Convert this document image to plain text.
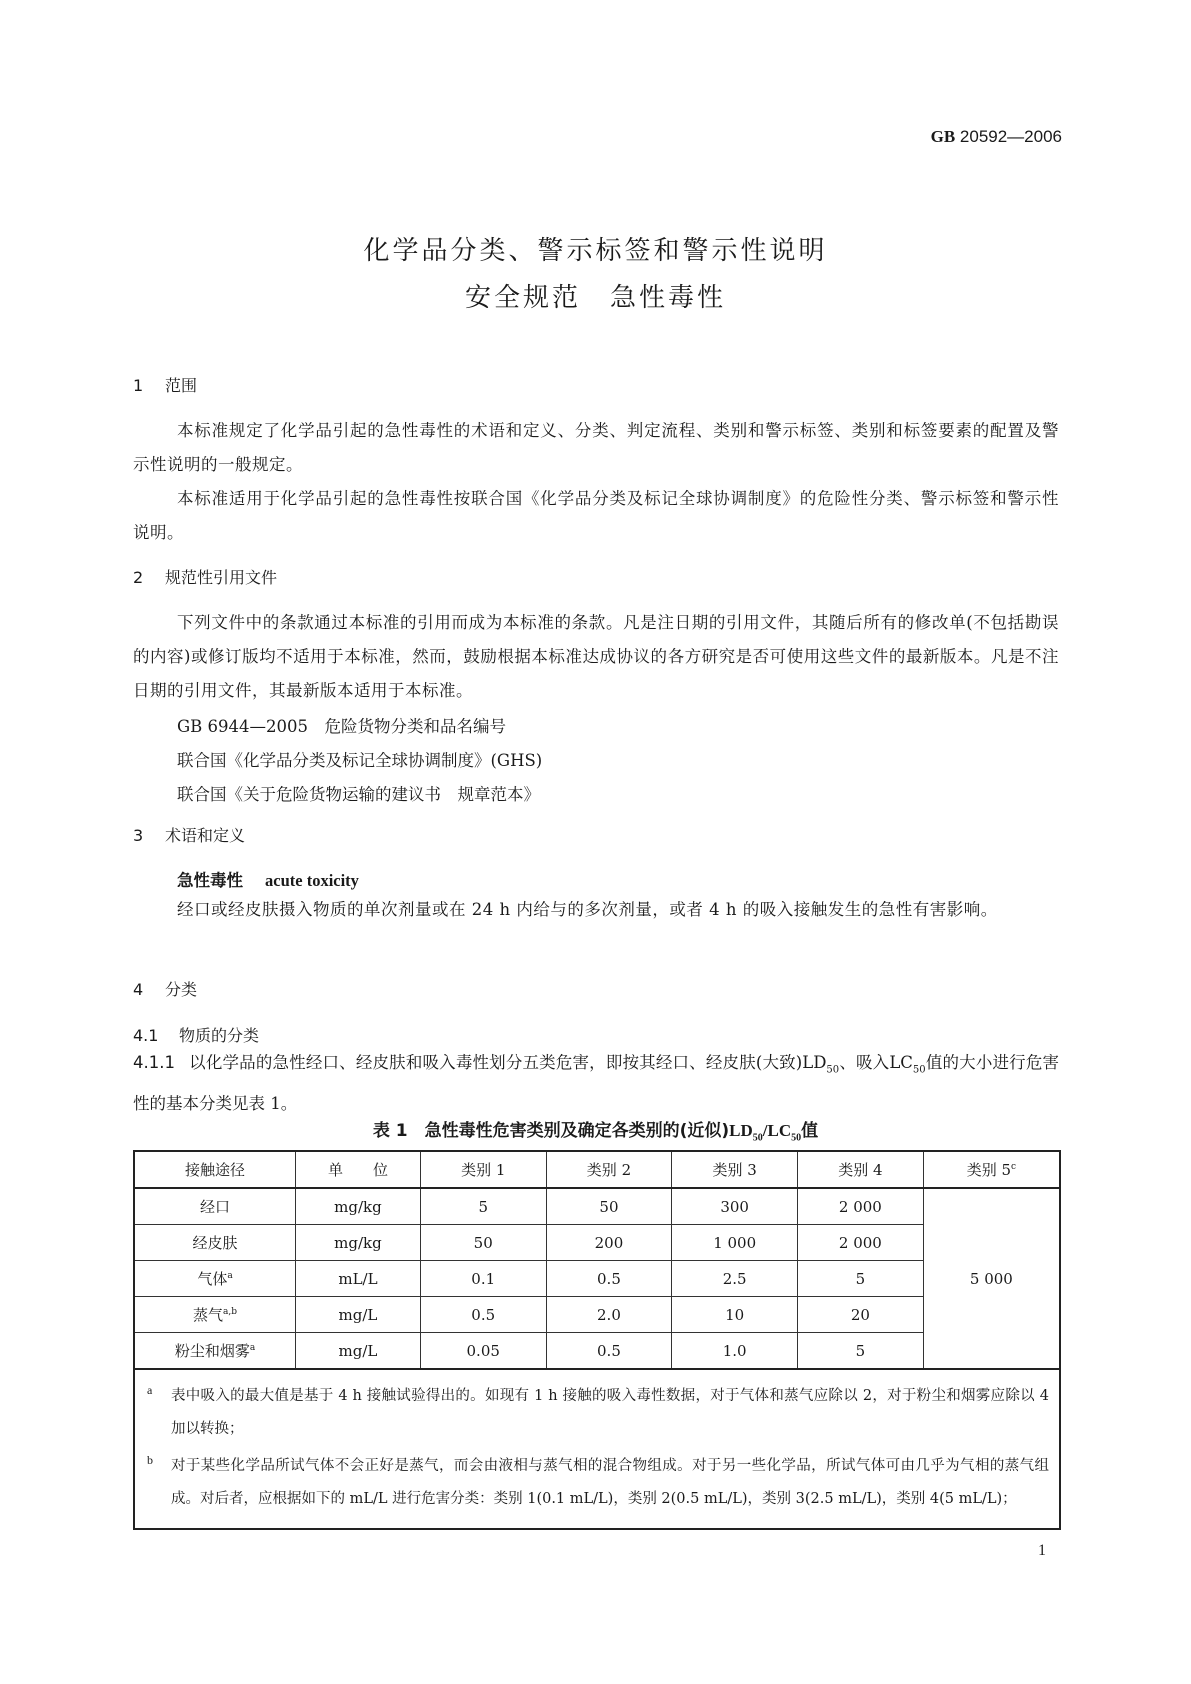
GB 20592—2006
化学品分类、警示标签和警示性说明
安全规范　急性毒性
1 范围
本标准规定了化学品引起的急性毒性的术语和定义、分类、判定流程、类别和警示标签、类别和标签要素的配置及警示性说明的一般规定。
本标准适用于化学品引起的急性毒性按联合国《化学品分类及标记全球协调制度》的危险性分类、警示标签和警示性说明。
2 规范性引用文件
下列文件中的条款通过本标准的引用而成为本标准的条款。凡是注日期的引用文件，其随后所有的修改单(不包括勘误的内容)或修订版均不适用于本标准，然而，鼓励根据本标准达成协议的各方研究是否可使用这些文件的最新版本。凡是不注日期的引用文件，其最新版本适用于本标准。
GB 6944—2005　危险货物分类和品名编号
联合国《化学品分类及标记全球协调制度》(GHS)
联合国《关于危险货物运输的建议书　规章范本》
3 术语和定义
急性毒性 acute toxicity
经口或经皮肤摄入物质的单次剂量或在 24 h 内给与的多次剂量，或者 4 h 的吸入接触发生的急性有害影响。
4 分类
4.1 物质的分类
4.1.1 以化学品的急性经口、经皮肤和吸入毒性划分五类危害，即按其经口、经皮肤(大致)$LD_{50}$、吸入$LC_{50}$值的大小进行危害性的基本分类见表 1。
表 1　急性毒性危害类别及确定各类别的(近似)$LD_{50}/LC_{50}$值
接触途径	单　　位	类别 1	类别 2	类别 3	类别 4	类别 5$^c$
经口	mg/kg	5	50	300	2 000	5 000
经皮肤	mg/kg	50	200	1 000	2 000	
气体$^a$	mL/L	0.1	0.5	2.5	5	
蒸气$^{a,b}$	mg/L	0.5	2.0	10	20	
粉尘和烟雾$^a$	mg/L	0.05	0.5	1.0	5	

a 表中吸入的最大值是基于 4 h 接触试验得出的。如现有 1 h 接触的吸入毒性数据，对于气体和蒸气应除以 2，对于粉尘和烟雾应除以 4 加以转换；
b 对于某些化学品所试气体不会正好是蒸气，而会由液相与蒸气相的混合物组成。对于另一些化学品，所试气体可由几乎为气相的蒸气组成。对后者，应根据如下的 mL/L 进行危害分类：类别 1(0.1 mL/L)，类别 2(0.5 mL/L)，类别 3(2.5 mL/L)，类别 4(5 mL/L)；						
1
